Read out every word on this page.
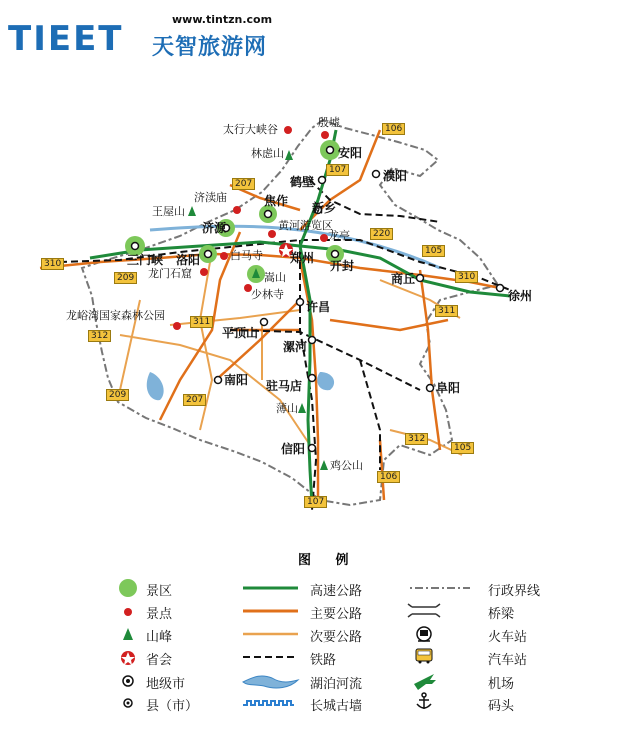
TIEET	www.tintzn.com
天智旅游网
106
107
207
220
105
310
311
312
209
106
105
310
312
107
207
209
311
安阳
鹤壁	濮阳
焦作 新乡
济源
三门峡 洛阳	郑州
开封
商丘
徐州
许昌
平顶山
漯河
南阳 驻马店	阜阳
信阳
太行大峡谷
殷墟
林虑山
济渎庙
王屋山
黄河游览区
龙亭
白马寺
龙门石窟	嵩山
少林寺
龙峪湾国家森林公园
薄山
鸡公山
图 例
景区
景点
山峰
省会
地级市
县（市）
高速公路
主要公路
次要公路
铁路
湖泊河流
长城古墙
行政界线
桥梁
火车站
汽车站
机场
码头
